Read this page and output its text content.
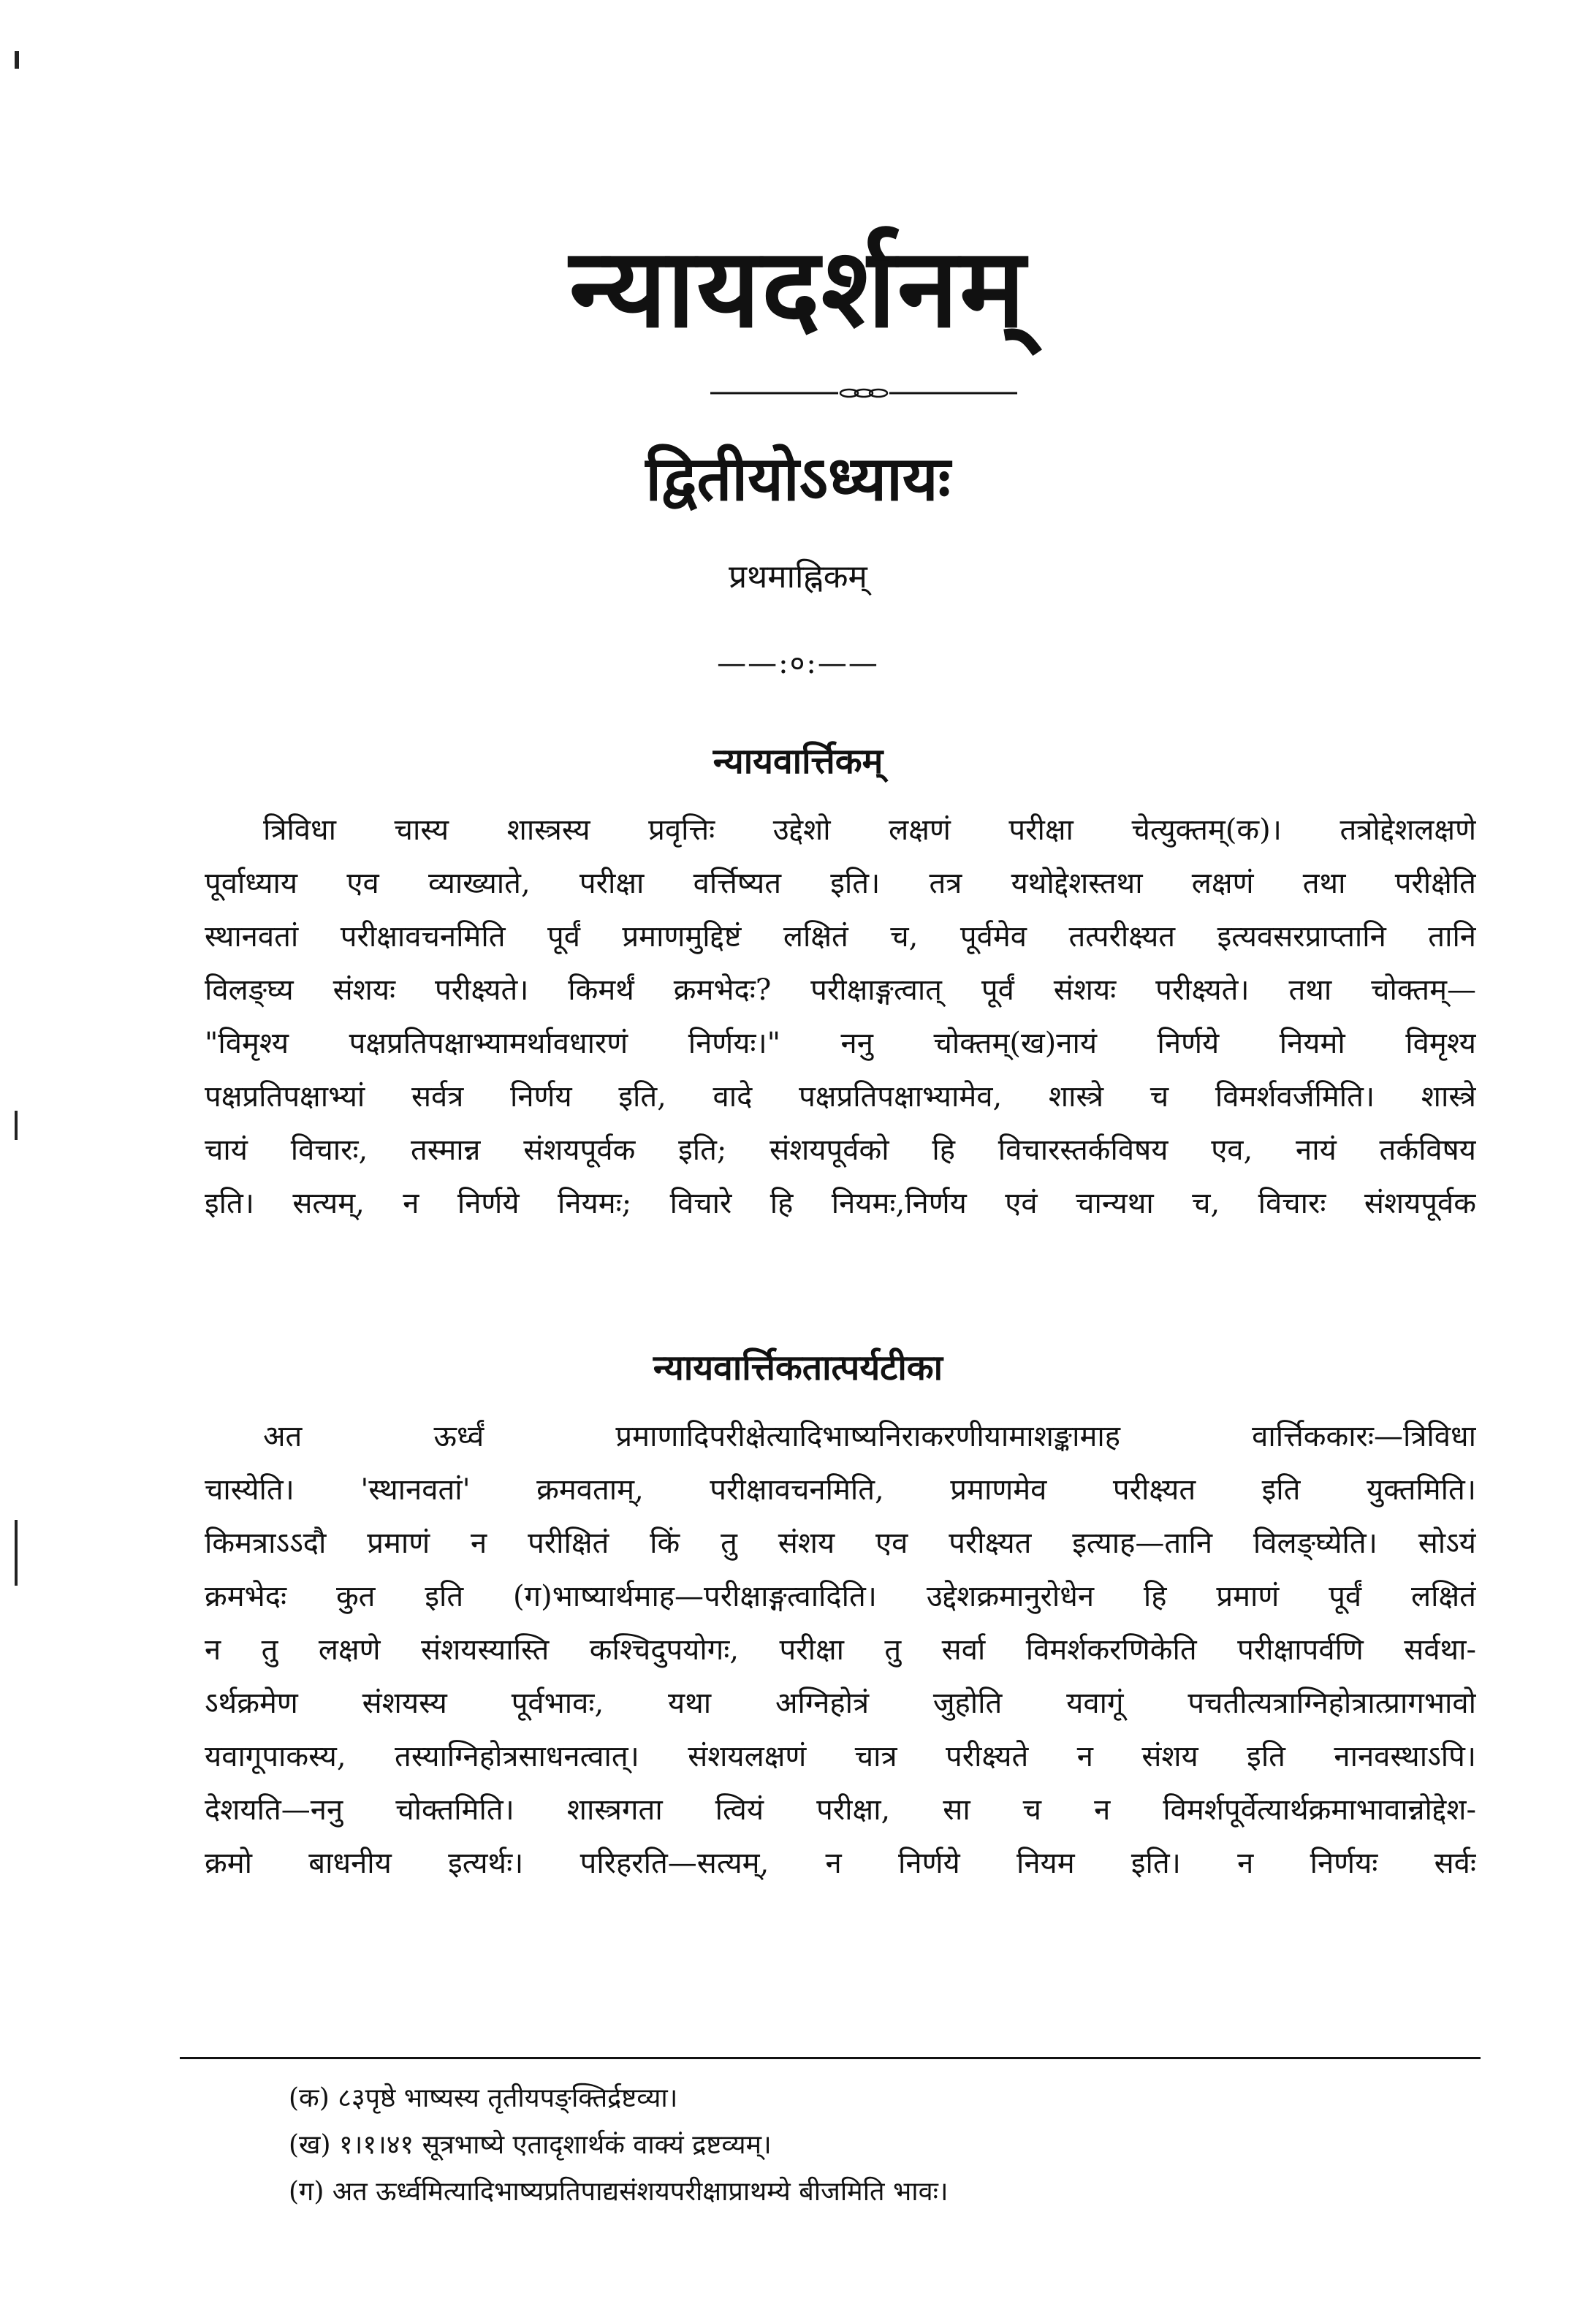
न्यायदर्शनम्
द्वितीयोऽध्यायः
प्रथमाह्निकम्
——:०:——
न्यायवार्त्तिकम्
त्रिविधा चास्य शास्त्रस्य प्रवृत्तिः उद्देशो लक्षणं परीक्षा चेत्युक्तम्(क)। तत्रोद्देशलक्षणे
पूर्वाध्याय एव व्याख्याते, परीक्षा वर्त्तिष्यत इति। तत्र यथोद्देशस्तथा लक्षणं तथा परीक्षेति
स्थानवतां परीक्षावचनमिति पूर्वं प्रमाणमुद्दिष्टं लक्षितं च, पूर्वमेव तत्परीक्ष्यत इत्यवसरप्राप्तानि तानि
विलङ्घ्य संशयः परीक्ष्यते। किमर्थं क्रमभेदः? परीक्षाङ्गत्वात् पूर्वं संशयः परीक्ष्यते। तथा चोक्तम्—
"विमृश्य पक्षप्रतिपक्षाभ्यामर्थावधारणं निर्णयः।" ननु चोक्तम्(ख)नायं निर्णये नियमो विमृश्य
पक्षप्रतिपक्षाभ्यां सर्वत्र निर्णय इति, वादे पक्षप्रतिपक्षाभ्यामेव, शास्त्रे च विमर्शवर्जमिति। शास्त्रे
चायं विचारः, तस्मान्न संशयपूर्वक इति; संशयपूर्वको हि विचारस्तर्कविषय एव, नायं तर्कविषय
इति। सत्यम्, न निर्णये नियमः; विचारे हि नियमः,निर्णय एवं चान्यथा च, विचारः संशयपूर्वक
न्यायवार्त्तिकतात्पर्यटीका
अत ऊर्ध्वं प्रमाणादिपरीक्षेत्यादिभाष्यनिराकरणीयामाशङ्कामाह वार्त्तिककारः—त्रिविधा
चास्येति। 'स्थानवतां' क्रमवताम्, परीक्षावचनमिति, प्रमाणमेव परीक्ष्यत इति युक्तमिति।
किमत्राऽऽदौ प्रमाणं न परीक्षितं किं तु संशय एव परीक्ष्यत इत्याह—तानि विलङ्घ्येति। सोऽयं
क्रमभेदः कुत इति (ग)भाष्यार्थमाह—परीक्षाङ्गत्वादिति। उद्देशक्रमानुरोधेन हि प्रमाणं पूर्वं लक्षितं
न तु लक्षणे संशयस्यास्ति कश्चिदुपयोगः, परीक्षा तु सर्वा विमर्शकरणिकेति परीक्षापर्वणि सर्वथा-
ऽर्थक्रमेण संशयस्य पूर्वभावः, यथा अग्निहोत्रं जुहोति यवागूं पचतीत्यत्राग्निहोत्रात्प्रागभावो
यवागूपाकस्य, तस्याग्निहोत्रसाधनत्वात्। संशयलक्षणं चात्र परीक्ष्यते न संशय इति नानवस्थाऽपि।
देशयति—ननु चोक्तमिति। शास्त्रगता त्वियं परीक्षा, सा च न विमर्शपूर्वेत्यार्थक्रमाभावान्नोद्देश-
क्रमो बाधनीय इत्यर्थः। परिहरति—सत्यम्, न निर्णये नियम इति। न निर्णयः सर्वः
(क) ८३पृष्ठे भाष्यस्य तृतीयपङ्क्तिर्द्रष्टव्या।
(ख) १।१।४१ सूत्रभाष्ये एतादृशार्थकं वाक्यं द्रष्टव्यम्।
(ग) अत ऊर्ध्वमित्यादिभाष्यप्रतिपाद्यसंशयपरीक्षाप्राथम्ये बीजमिति भावः।
